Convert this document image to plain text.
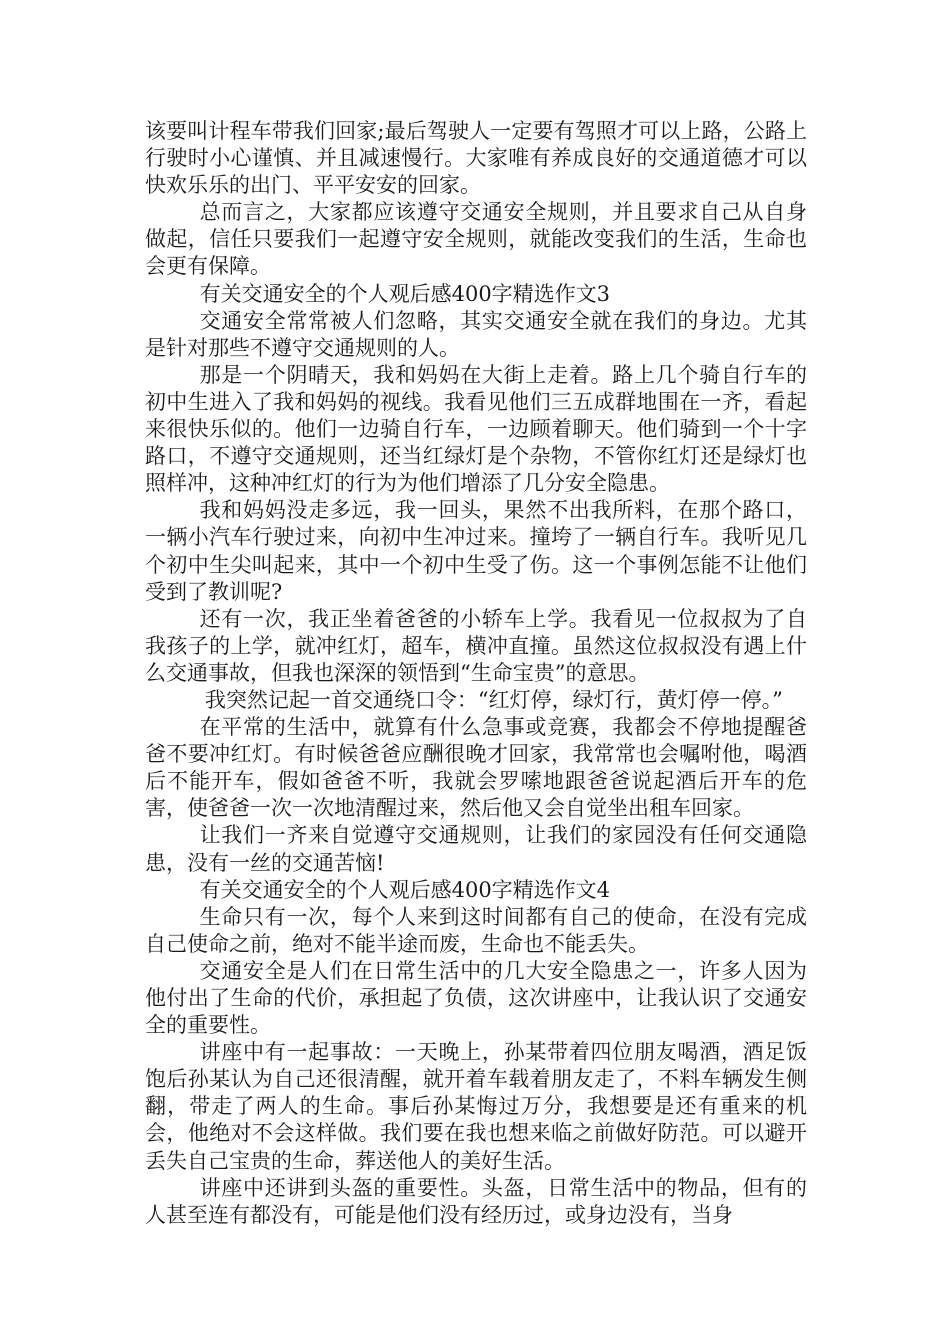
该要叫计程车带我们回家;最后驾驶人一定要有驾照才可以上路，公路上行驶时小心谨慎、并且减速慢行。大家唯有养成良好的交通道德才可以快欢乐乐的出门、平平安安的回家。

总而言之，大家都应该遵守交通安全规则，并且要求自己从自身做起，信任只要我们一起遵守安全规则，就能改变我们的生活，生命也会更有保障。

有关交通安全的个人观后感400字精选作文3

交通安全常常被人们忽略，其实交通安全就在我们的身边。尤其是针对那些不遵守交通规则的人。

那是一个阴晴天，我和妈妈在大街上走着。路上几个骑自行车的初中生进入了我和妈妈的视线。我看见他们三五成群地围在一齐，看起来很快乐似的。他们一边骑自行车，一边顾着聊天。他们骑到一个十字路口，不遵守交通规则，还当红绿灯是个杂物，不管你红灯还是绿灯也照样冲，这种冲红灯的行为为他们增添了几分安全隐患。

我和妈妈没走多远，我一回头，果然不出我所料，在那个路口，一辆小汽车行驶过来，向初中生冲过来。撞垮了一辆自行车。我听见几个初中生尖叫起来，其中一个初中生受了伤。这一个事例怎能不让他们受到了教训呢?

还有一次，我正坐着爸爸的小轿车上学。我看见一位叔叔为了自我孩子的上学，就冲红灯，超车，横冲直撞。虽然这位叔叔没有遇上什么交通事故，但我也深深的领悟到“生命宝贵”的意思。

我突然记起一首交通绕口令：“红灯停，绿灯行，黄灯停一停。”

在平常的生活中，就算有什么急事或竞赛，我都会不停地提醒爸爸不要冲红灯。有时候爸爸应酬很晚才回家，我常常也会嘱咐他，喝酒后不能开车，假如爸爸不听，我就会罗嗦地跟爸爸说起酒后开车的危害，使爸爸一次一次地清醒过来，然后他又会自觉坐出租车回家。

让我们一齐来自觉遵守交通规则，让我们的家园没有任何交通隐患，没有一丝的交通苦恼!

有关交通安全的个人观后感400字精选作文4

生命只有一次，每个人来到这时间都有自己的使命，在没有完成自己使命之前，绝对不能半途而废，生命也不能丢失。

交通安全是人们在日常生活中的几大安全隐患之一，许多人因为他付出了生命的代价，承担起了负债，这次讲座中，让我认识了交通安全的重要性。

讲座中有一起事故：一天晚上，孙某带着四位朋友喝酒，酒足饭饱后孙某认为自己还很清醒，就开着车载着朋友走了，不料车辆发生侧翻，带走了两人的生命。事后孙某悔过万分，我想要是还有重来的机会，他绝对不会这样做。我们要在我也想来临之前做好防范。可以避开丢失自己宝贵的生命，葬送他人的美好生活。

讲座中还讲到头盔的重要性。头盔，日常生活中的物品，但有的人甚至连有都没有，可能是他们没有经历过，或身边没有，当身
